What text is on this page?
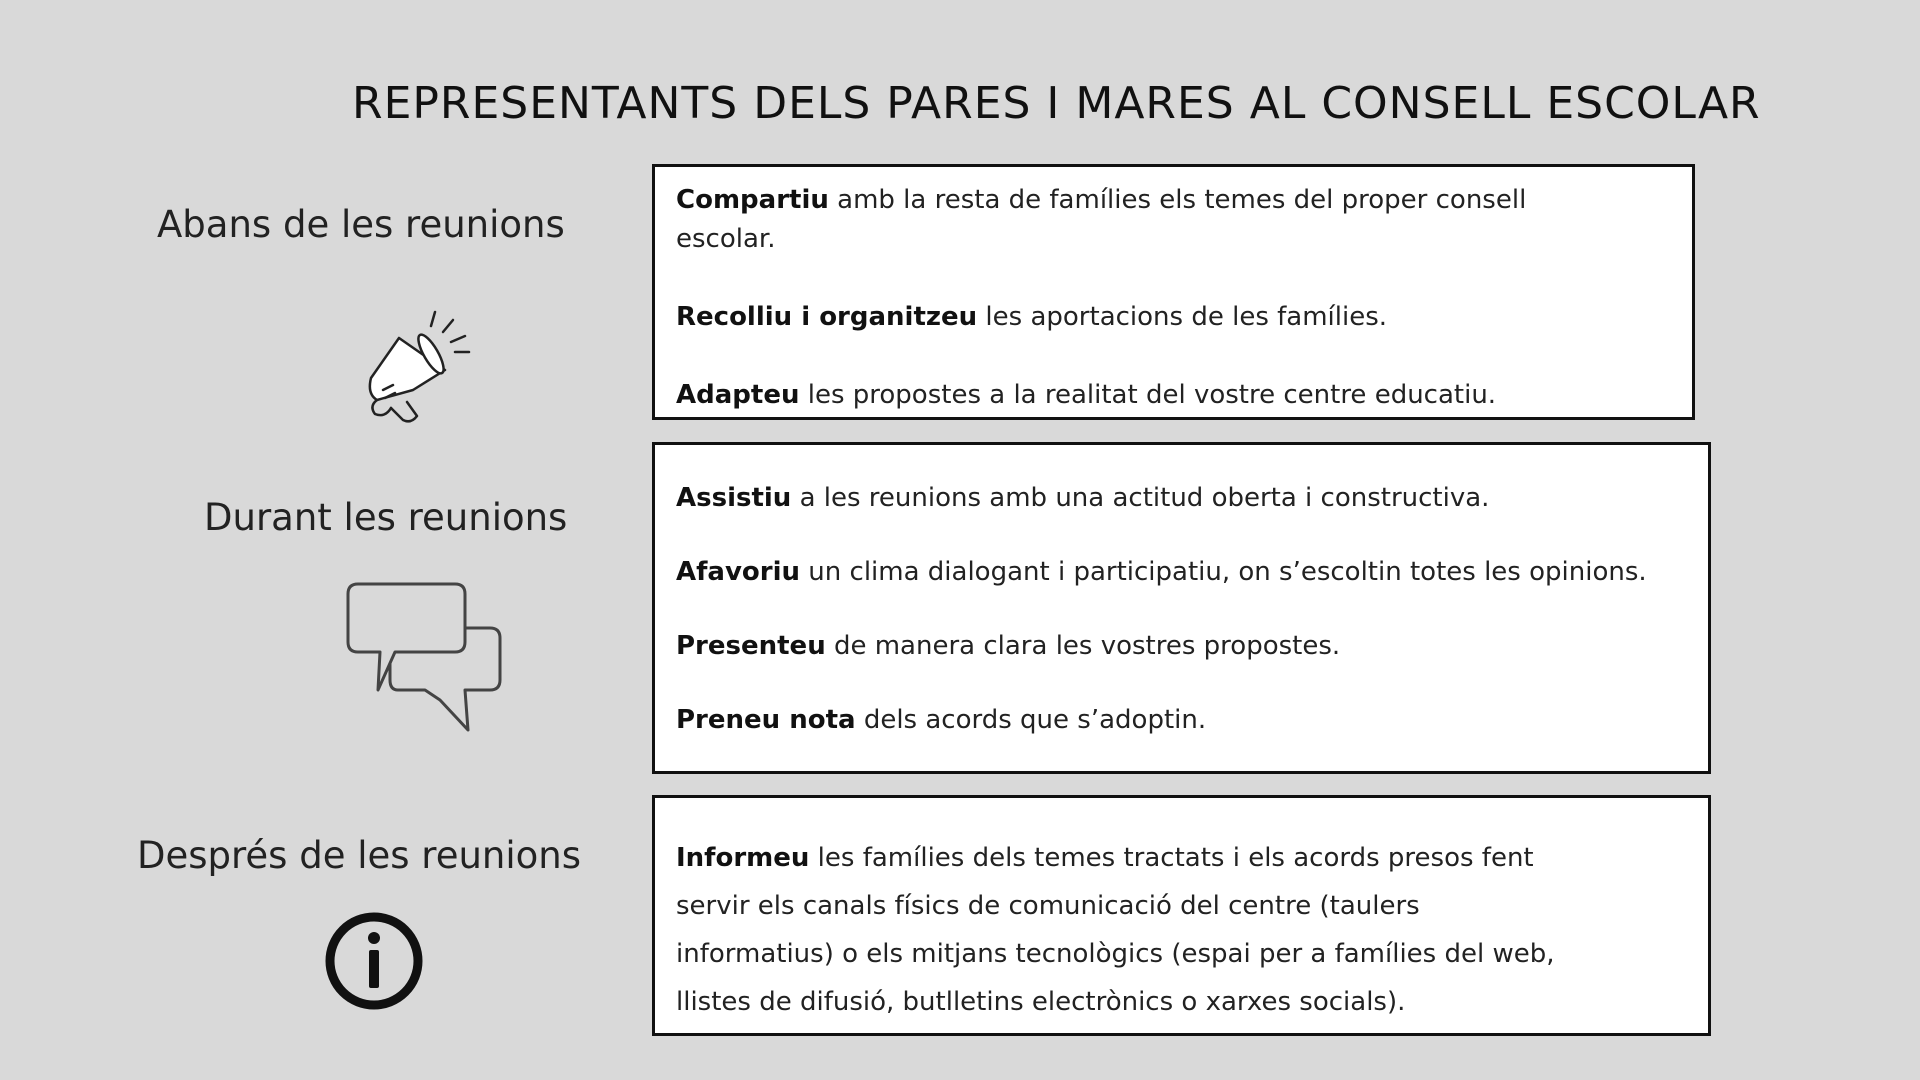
REPRESENTANTS DELS PARES I MARES AL CONSELL ESCOLAR
Abans de les reunions

Compartiu amb la resta de famílies els temes del proper consell escolar.

Recolliu i organitzeu les aportacions de les famílies.

Adapteu les propostes a la realitat del vostre centre educatiu.

Durant les reunions	Assistiu a les reunions amb una actitud oberta i constructiva.

Afavoriu un clima dialogant i participatiu, on s’escoltin totes les opinions.

Presenteu de manera clara les vostres propostes.

Preneu nota dels acords que s’adoptin.

Després de les reunions	Informeu les famílies dels temes tractats i els acords presos fent servir els canals físics de comunicació del centre (taulers informatius) o els mitjans tecnològics (espai per a famílies del web, llistes de difusió, butlletins electrònics o xarxes socials).
